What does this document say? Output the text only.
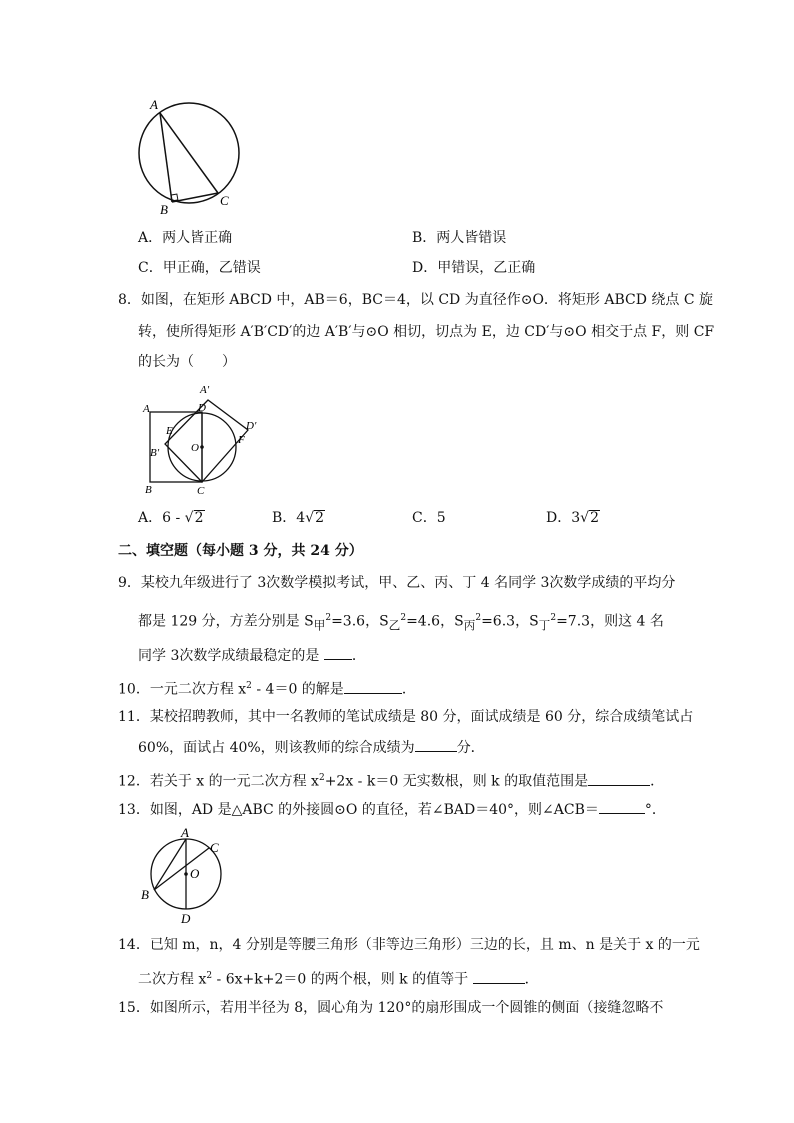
A
B
C
A．两人皆正确	B．两人皆错误
C．甲正确，乙错误	D．甲错误，乙正确
8．如图，在矩形 ABCD 中，AB＝6，BC＝4，以 CD 为直径作⊙O．将矩形 ABCD 绕点 C 旋
转，使所得矩形 A′B′CD′的边 A′B′与⊙O 相切，切点为 E，边 CD′与⊙O 相交于点 F，则 CF
的长为（　　）
A
A′
D
D′
E
F
O
B′
B	C
A．6 - √2	B．4√2	C．5	D．3√2
二、填空题（每小题 3 分，共 24 分）
9．某校九年级进行了 3次数学模拟考试，甲、乙、丙、丁 4 名同学 3次数学成绩的平均分
都是 129 分，方差分别是 $S_甲^2=3.6$，$S_乙^2=4.6$，$S_丙^2=6.3$，$S_丁^2=7.3$，则这 4 名
同学 3次数学成绩最稳定的是 ．
10．一元二次方程 $x^2 - 4=0$ 的解是	．
11．某校招聘教师，其中一名教师的笔试成绩是 80 分，面试成绩是 60 分，综合成绩笔试占
60%，面试占 40%，则该教师的综合成绩为	分．
12．若关于 x 的一元二次方程 $x^2+2x - k=0$ 无实数根，则 k 的取值范围是	．
13．如图，AD 是△ABC 的外接圆⊙O 的直径，若∠BAD＝40°，则∠ACB＝	°．
A
C
O
B
D
14．已知 m，n，4 分别是等腰三角形（非等边三角形）三边的长，且 m、n 是关于 x 的一元
二次方程 $x^2 - 6x+k+2=0$ 的两个根，则 k 的值等于	．
15．如图所示，若用半径为 8，圆心角为 120°的扇形围成一个圆锥的侧面（接缝忽略不
